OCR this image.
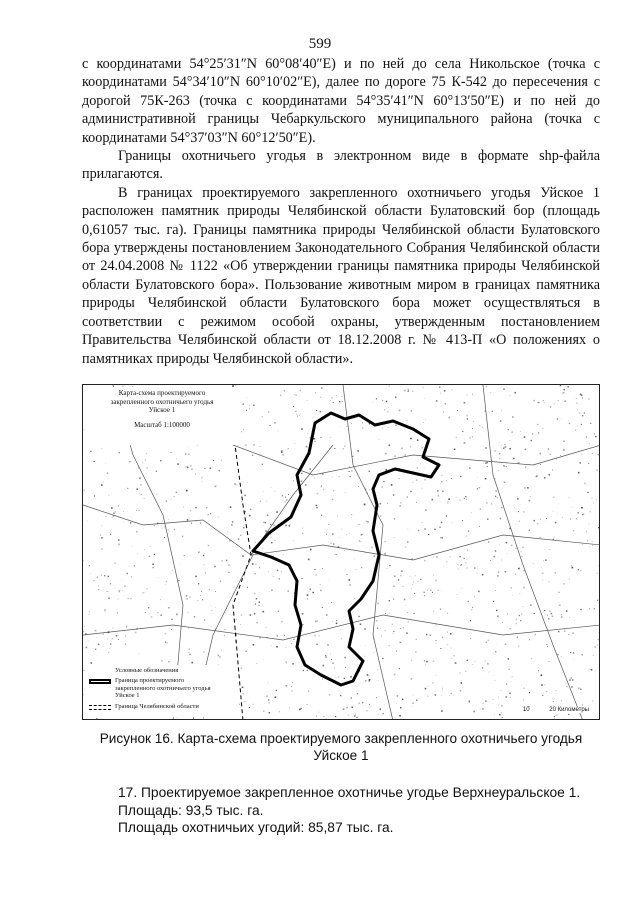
599

с координатами 54°25′31″N 60°08′40″E) и по ней до села Никольское (точка с координатами 54°34′10″N 60°10′02″E), далее по дороге 75 К-542 до пересечения с дорогой 75К-263 (точка с координатами 54°35′41″N 60°13′50″E) и по ней до административной границы Чебаркульского муниципального района (точка с координатами 54°37′03″N 60°12′50″E).

Границы охотничьего угодья в электронном виде в формате shp-файла прилагаются.

В границах проектируемого закрепленного охотничьего угодья Уйское 1 расположен памятник природы Челябинской области Булатовский бор (площадь 0,61057 тыс. га). Границы памятника природы Челябинской области Булатовского бора утверждены постановлением Законодательного Собрания Челябинской области от 24.04.2008 № 1122 «Об утверждении границы памятника природы Челябинской области Булатовского бора». Пользование животным миром в границах памятника природы Челябинской области Булатовского бора может осуществляться в соответствии с режимом особой охраны, утвержденным постановлением Правительства Челябинской области от 18.12.2008 г. № 413-П «О положениях о памятниках природы Челябинской области».

Карта-схема проектируемого
закрепленного охотничьего угодья
Уйское 1
Масштаб 1:100000
Условные обозначения
Граница проектируемого закрепленного охотничьего угодья Уйское 1
Граница Челябинской области	10	20 Километры
Рисунок 16. Карта-схема проектируемого закрепленного охотничьего угодья Уйское 1
17. Проектируемое закрепленное охотничье угодье Верхнеуральское 1.
Площадь: 93,5 тыс. га.
Площадь охотничьих угодий: 85,87 тыс. га.
